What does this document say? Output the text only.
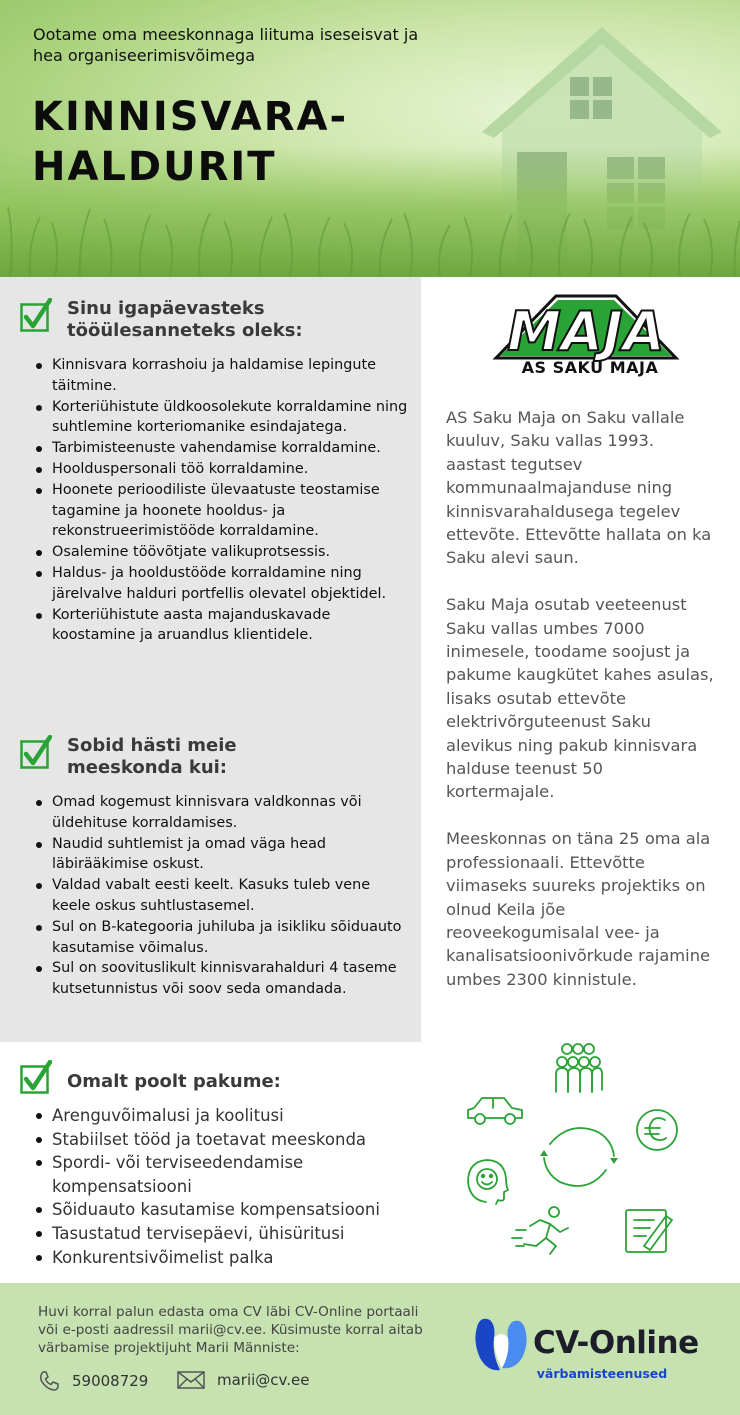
Ootame oma meeskonnaga liituma iseseisvat ja hea organiseerimisvõimega
KINNISVARA-
HALDURIT
Sinu igapäevasteks
tööülesanneteks oleks:
Kinnisvara korrashoiu ja haldamise lepingute täitmine.
Korteriühistute üldkoosolekute korraldamine ning suhtlemine korteriomanike esindajatega.
Tarbimisteenuste vahendamise korraldamine.
Hoolduspersonali töö korraldamine.
Hoonete perioodiliste ülevaatuste teostamise tagamine ja hoonete hooldus- ja rekonstrueerimistööde korraldamine.
Osalemine töövõtjate valikuprotsessis.
Haldus- ja hooldustööde korraldamine ning järelvalve halduri portfellis olevatel objektidel.
Korteriühistute aasta majanduskavade koostamine ja aruandlus klientidele.
Sobid hästi meie
meeskonda kui:
Omad kogemust kinnisvara valdkonnas või üldehituse korraldamises.
Naudid suhtlemist ja omad väga head läbirääkimise oskust.
Valdad vabalt eesti keelt. Kasuks tuleb vene keele oskus suhtlustasemel.
Sul on B-kategooria juhiluba ja isikliku sõiduauto kasutamise võimalus.
Sul on soovituslikult kinnisvarahalduri 4 taseme kutsetunnistus või soov seda omandada.
Omalt poolt pakume:
Arenguvõimalusi ja koolitusi
Stabiilset tööd ja toetavat meeskonda
Spordi- või terviseedendamise kompensatsiooni
Sõiduauto kasutamise kompensatsiooni
Tasustatud tervisepäevi, ühisüritusi
Konkurentsivõimelist palka
MAJA
AS SAKU MAJA

AS Saku Maja on Saku vallale kuuluv, Saku vallas 1993. aastast tegutsev kommunaalmajanduse ning kinnisvarahaldusega tegelev ettevõte. Ettevõtte hallata on ka Saku alevi saun.

Saku Maja osutab veeteenust Saku vallas umbes 7000 inimesele, toodame soojust ja pakume kaugkütet kahes asulas, lisaks osutab ettevõte elektrivõrguteenust Saku alevikus ning pakub kinnisvara halduse teenust 50 kortermajale.

Meeskonnas on täna 25 oma ala professionaali. Ettevõtte viimaseks suureks projektiks on olnud Keila jõe reoveekogumisalal vee- ja kanalisatsioonivõrkude rajamine umbes 2300 kinnistule.

Huvi korral palun edasta oma CV läbi CV-Online portaali või e-posti aadressil marii@cv.ee. Küsimuste korral aitab värbamise projektijuht Marii Männiste:
59008729	marii@cv.ee
CV-Online
värbamisteenused
